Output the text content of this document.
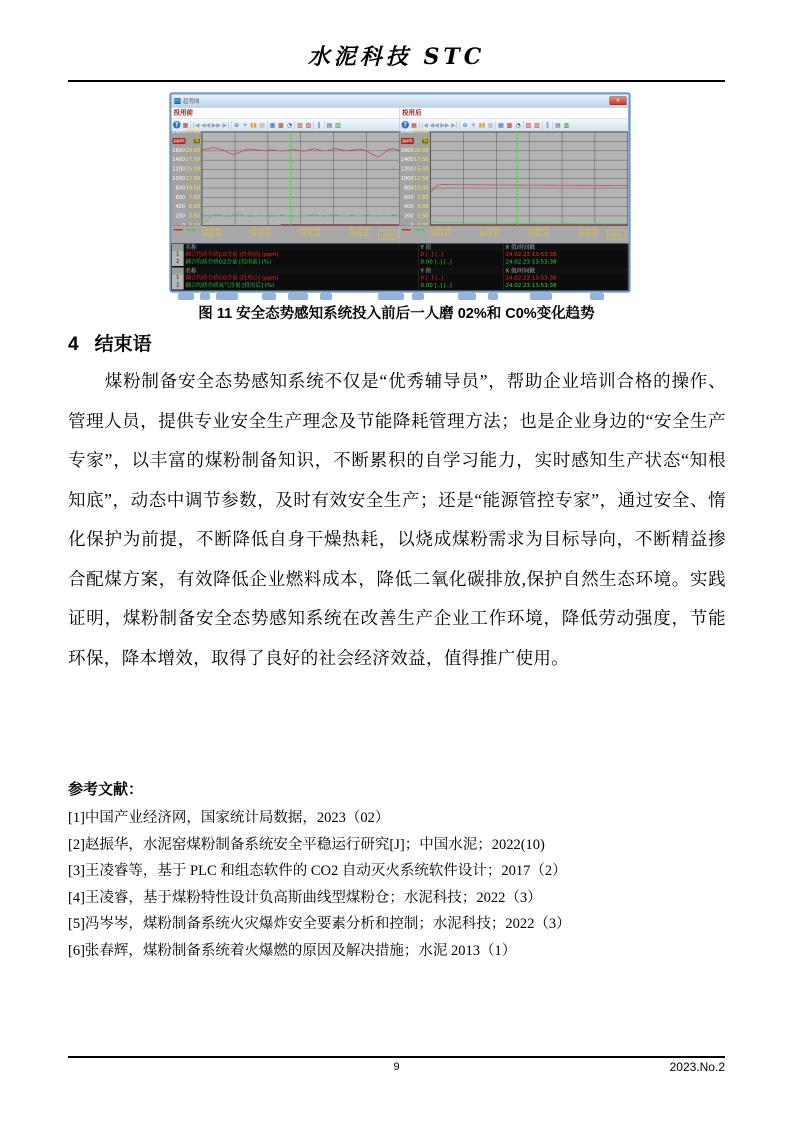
水泥科技 STC
趋势图	✕
投用前
? ▦ |◀ ◀◀ ▶▶ ▶| ⊕ + ▮▮ ▦ ▦ ▩ ◔ ▧ ▨ ‖ ▤ ▥
2000
1600
1400
1200
1000
800
600
400
200
ppm
25.00
20.00
17.50
15.00
12.50
10.00
7.50
5.00
2.50
%
12:00:00
24.02.23
13:00:00
24.02.23
14:00:00
24.02.23
15:00:00
24.02.23	时间
投用后
? ▦ |◀ ◀◀ ▶▶ ▶| ⊕ + ▮▮ ▦ ▦ ▩ ◔ ▧ ▨ ‖ ▤ ▥
2000
1600
1400
1200
1000
800
600
400
200
ppm
25.00
20.00
17.50
15.00
12.50
10.00
7.50
5.00
2.50
%
12:00:00
24.02.23
13:00:00
24.02.23
14:00:00
24.02.23
15:00:00
24.02.23	时间
名称	Y 值	X 值/时间戳
1 耦合均质介质CO含量 [投用前] (ppm)	0 [..] [..]	24.02.23 13:53:38
2 耦合均质介质O2含量 [投用前] (%)	0.00 [..] [..]	24.02.23 13:53:38
名称	Y 值	X 值/时间戳
1 耦合均质介质CO含量 [投用后] (ppm)	0 [..] [..]	24.02.23 13:53:38
2 耦合均质介质氧气含量 [投用后] (%)	0.00 [..] [..]	24.02.23 13:53:38
图 11 安全态势感知系统投入前后一人磨 02%和 C0%变化趋势
4 结束语

煤粉制备安全态势感知系统不仅是“优秀辅导员”，帮助企业培训合格的操作、管理人员，提供专业安全生产理念及节能降耗管理方法；也是企业身边的“安全生产专家”，以丰富的煤粉制备知识，不断累积的自学习能力，实时感知生产状态“知根知底”，动态中调节参数，及时有效安全生产；还是“能源管控专家”，通过安全、惰化保护为前提，不断降低自身干燥热耗，以烧成煤粉需求为目标导向，不断精益掺合配煤方案，有效降低企业燃料成本，降低二氧化碳排放,保护自然生态环境。实践证明，煤粉制备安全态势感知系统在改善生产企业工作环境，降低劳动强度，节能环保，降本增效，取得了良好的社会经济效益，值得推广使用。

参考文献：
[1]中国产业经济网，国家统计局数据，2023（02）
[2]赵振华，水泥窑煤粉制备系统安全平稳运行研究[J]；中国水泥；2022(10)
[3]王凌睿等，基于 PLC 和组态软件的 CO2 自动灭火系统软件设计；2017（2）
[4]王凌睿，基于煤粉特性设计负高斯曲线型煤粉仓；水泥科技；2022（3）
[5]冯岑岑，煤粉制备系统火灾爆炸安全要素分析和控制；水泥科技；2022（3）
[6]张春辉，煤粉制备系统着火爆燃的原因及解决措施；水泥 2013（1）
9	2023.No.2
